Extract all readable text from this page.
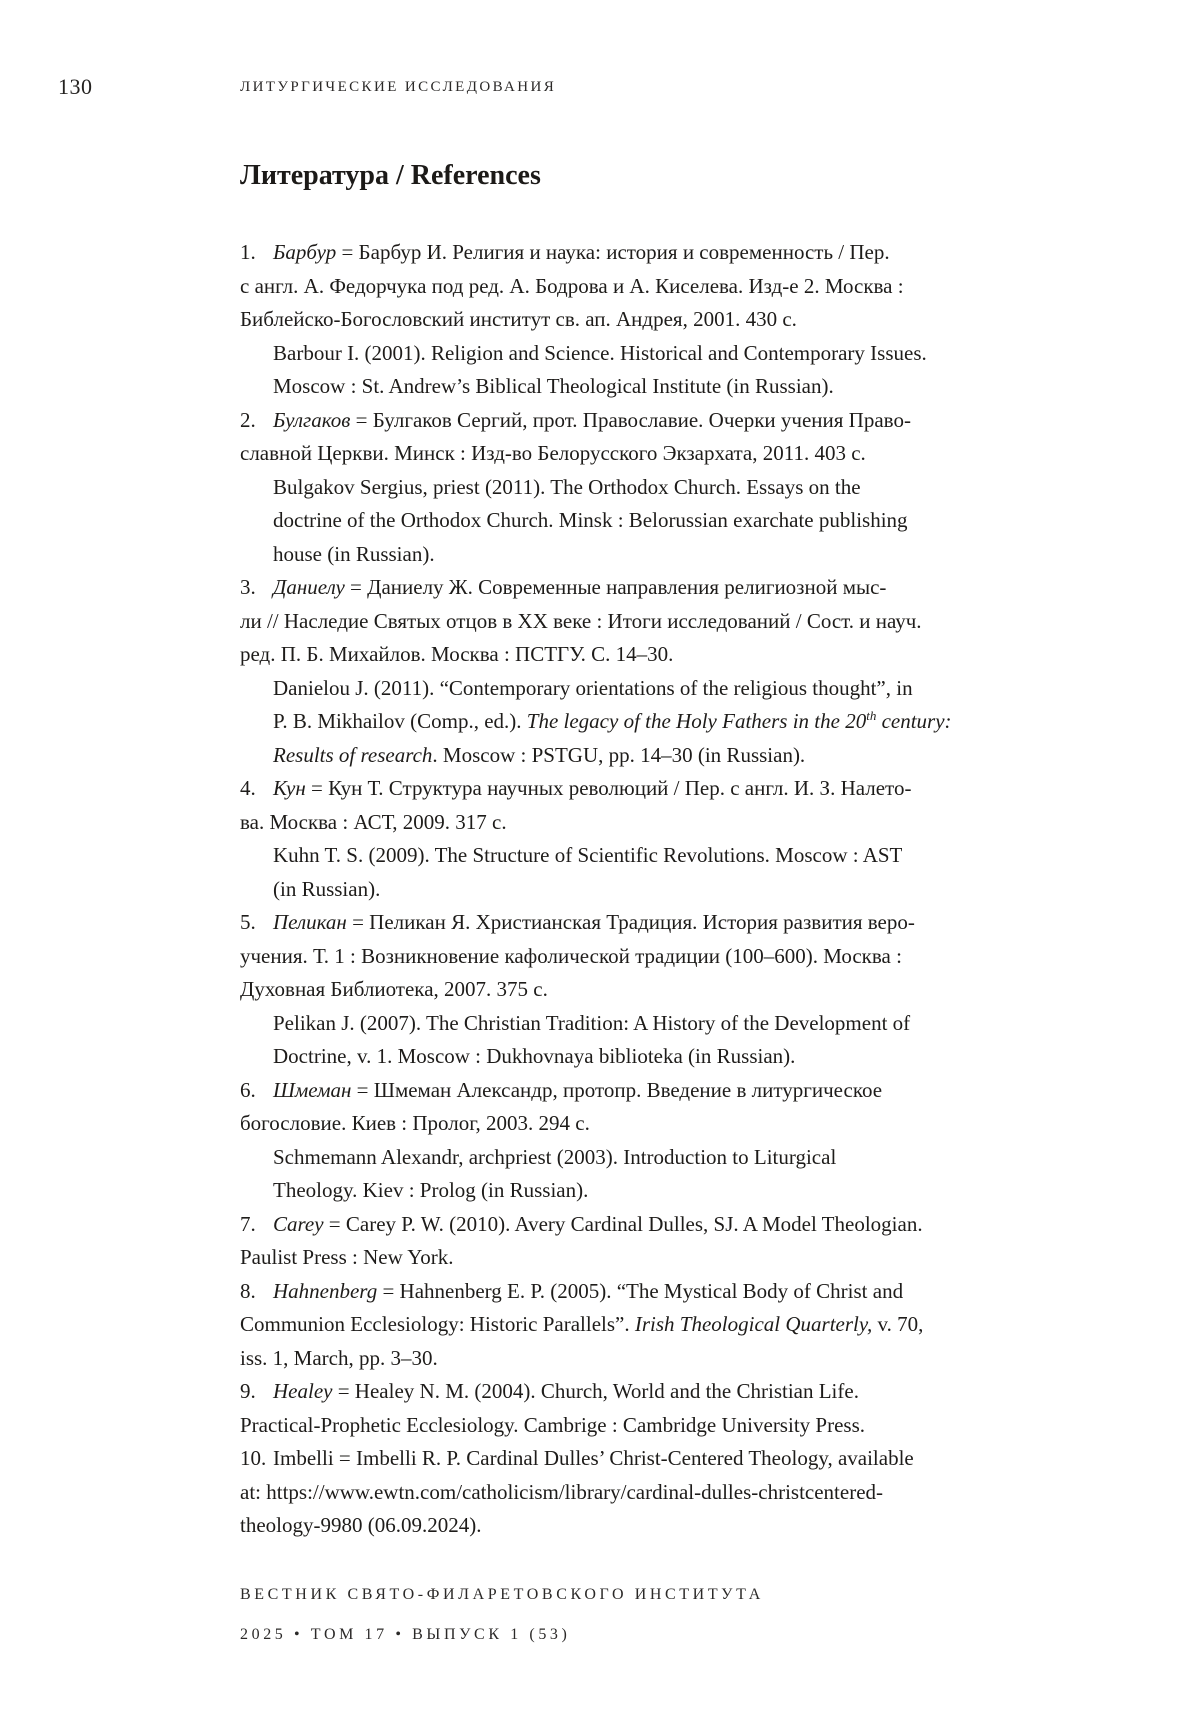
130	ЛИТУРГИЧЕСКИЕ ИССЛЕДОВАНИЯ
Литература / References
1. Барбур = Барбур И. Религия и наука: история и современность / Пер.
с англ. А. Федорчука под ред. А. Бодрова и А. Киселева. Изд-е 2. Москва :
Библейско-Богословский институт св. ап. Андрея, 2001. 430 с.
Barbour I. (2001). Religion and Science. Historical and Contemporary Issues.
Moscow : St. Andrew’s Biblical Theological Institute (in Russian).
2. Булгаков = Булгаков Сергий, прот. Православие. Очерки учения Право-
славной Церкви. Минск : Изд-во Белорусского Экзархата, 2011. 403 с.
Bulgakov Sergius, priest (2011). The Orthodox Church. Essays on the
doctrine of the Orthodox Church. Minsk : Belorussian exarchate publishing
house (in Russian).
3. Даниелу = Даниелу Ж. Современные направления религиозной мыс-
ли // Наследие Святых отцов в XX веке : Итоги исследований / Сост. и науч.
ред. П. Б. Михайлов. Москва : ПСТГУ. С. 14–30.
Danielou J. (2011). “Contemporary orientations of the religious thought”, in
P. B. Mikhailov (Comp., ed.). The legacy of the Holy Fathers in the 20th century:
Results of research. Moscow : PSTGU, pp. 14–30 (in Russian).
4. Кун = Кун Т. Структура научных революций / Пер. с англ. И. З. Налето-
ва. Москва : АСТ, 2009. 317 с.
Kuhn T. S. (2009). The Structure of Scientific Revolutions. Moscow : AST
(in Russian).
5. Пеликан = Пеликан Я. Христианская Традиция. История развития веро-
учения. Т. 1 : Возникновение кафолической традиции (100–600). Москва :
Духовная Библиотека, 2007. 375 с.
Pelikan J. (2007). The Christian Tradition: A History of the Development of
Doctrine, v. 1. Moscow : Dukhovnaya biblioteka (in Russian).
6. Шмеман = Шмеман Александр, протопр. Введение в литургическое
богословие. Киев : Пролог, 2003. 294 с.
Schmemann Alexandr, archpriest (2003). Introduction to Liturgical
Theology. Kiev : Prolog (in Russian).
7. Carey = Carey P. W. (2010). Avery Cardinal Dulles, SJ. A Model Theologian.
Paulist Press : New York.
8. Hahnenberg = Hahnenberg E. P. (2005). “The Mystical Body of Christ and
Communion Ecclesiology: Historic Parallels”. Irish Theological Quarterly, v. 70,
iss. 1, March, pp. 3–30.
9. Healey = Healey N. M. (2004). Church, World and the Christian Life.
Practical-Prophetic Ecclesiology. Cambrige : Cambridge University Press.
10. Imbelli = Imbelli R. P. Cardinal Dulles’ Christ-Centered Theology, available
at: https://www.ewtn.com/catholicism/library/cardinal-dulles-christcentered-
theology-9980 (06.09.2024).
ВЕСТНИК СВЯТО-ФИЛАРЕТОВСКОГО ИНСТИТУТА
2025 • ТОМ 17 • ВЫПУСК 1 (53)
